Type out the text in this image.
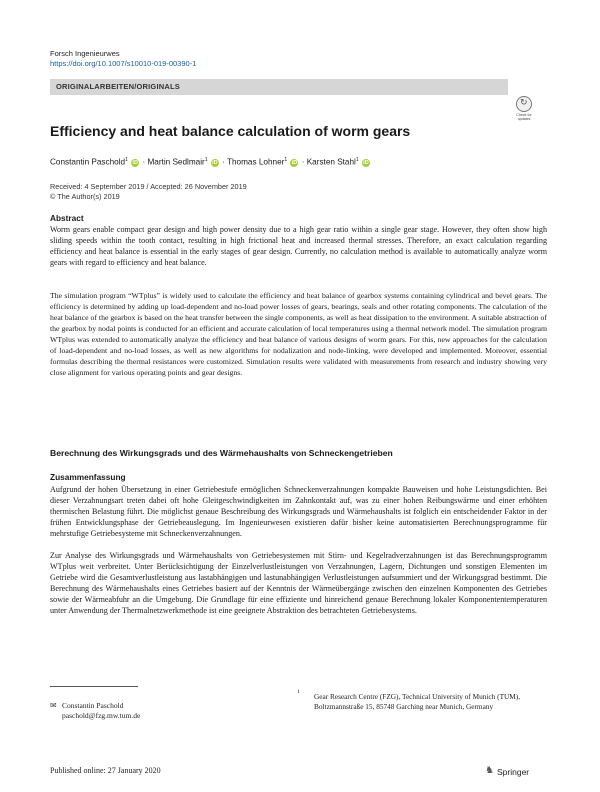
Forsch Ingenieurwes
https://doi.org/10.1007/s10010-019-00390-1
ORIGINALARBEITEN/ORIGINALS
↻
Check for updates
Efficiency and heat balance calculation of worm gears
Constantin Paschold$^1$ iD · Martin Sedlmair$^1$ iD · Thomas Lohner$^1$ iD · Karsten Stahl$^1$ iD
Received: 4 September 2019 / Accepted: 26 November 2019
© The Author(s) 2019
Abstract
Worm gears enable compact gear design and high power density due to a high gear ratio within a single gear stage. However, they often show high sliding speeds within the tooth contact, resulting in high frictional heat and increased thermal stresses. Therefore, an exact calculation regarding efficiency and heat balance is essential in the early stages of gear design. Currently, no calculation method is available to automatically analyze worm gears with regard to efficiency and heat balance.
The simulation program “WTplus” is widely used to calculate the efficiency and heat balance of gearbox systems containing cylindrical and bevel gears. The efficiency is determined by adding up load-dependent and no-load power losses of gears, bearings, seals and other rotating components. The calculation of the heat balance of the gearbox is based on the heat transfer between the single components, as well as heat dissipation to the environment. A suitable abstraction of the gearbox by nodal points is conducted for an efficient and accurate calculation of local temperatures using a thermal network model. The simulation program WTplus was extended to automatically analyze the efficiency and heat balance of various designs of worm gears. For this, new approaches for the calculation of load-dependent and no-load losses, as well as new algorithms for nodalization and node-linking, were developed and implemented. Moreover, essential formulas describing the thermal resistances were customized. Simulation results were validated with measurements from research and industry showing very close alignment for various operating points and gear designs.
Berechnung des Wirkungsgrads und des Wärmehaushalts von Schneckengetrieben
Zusammenfassung
Aufgrund der hohen Übersetzung in einer Getriebestufe ermöglichen Schneckenverzahnungen kompakte Bauweisen und hohe Leistungsdichten. Bei dieser Verzahnungsart treten dabei oft hohe Gleitgeschwindigkeiten im Zahnkontakt auf, was zu einer hohen Reibungswärme und einer erhöhten thermischen Belastung führt. Die möglichst genaue Beschreibung des Wirkungsgrads und Wärmehaushalts ist folglich ein entscheidender Faktor in der frühen Entwicklungsphase der Getriebeauslegung. Im Ingenieurwesen existieren dafür bisher keine automatisierten Berechnungsprogramme für mehrstufige Getriebesysteme mit Schneckenverzahnungen.
Zur Analyse des Wirkungsgrads und Wärmehaushalts von Getriebesystemen mit Stirn- und Kegelradverzahnungen ist das Berechnungsprogramm WTplus weit verbreitet. Unter Berücksichtigung der Einzelverlustleistungen von Verzahnungen, Lagern, Dichtungen und sonstigen Elementen im Getriebe wird die Gesamtverlustleistung aus lastabhängigen und lastunabhängigen Verlustleistungen aufsummiert und der Wirkungsgrad bestimmt. Die Berechnung des Wärmehaushalts eines Getriebes basiert auf der Kenntnis der Wärmeübergänge zwischen den einzelnen Komponenten des Getriebes sowie der Wärmeabfuhr an die Umgebung. Die Grundlage für eine effiziente und hinreichend genaue Berechnung lokaler Komponententemperaturen unter Anwendung der Thermalnetzwerkmethode ist eine geeignete Abstraktion des betrachteten Getriebesystems.
✉ Constantin Paschold
paschold@fzg.mw.tum.de
1 Gear Research Centre (FZG), Technical University of Munich (TUM), Boltzmannstraße 15, 85748 Garching near Munich, Germany
Published online: 27 January 2020	♞ Springer
